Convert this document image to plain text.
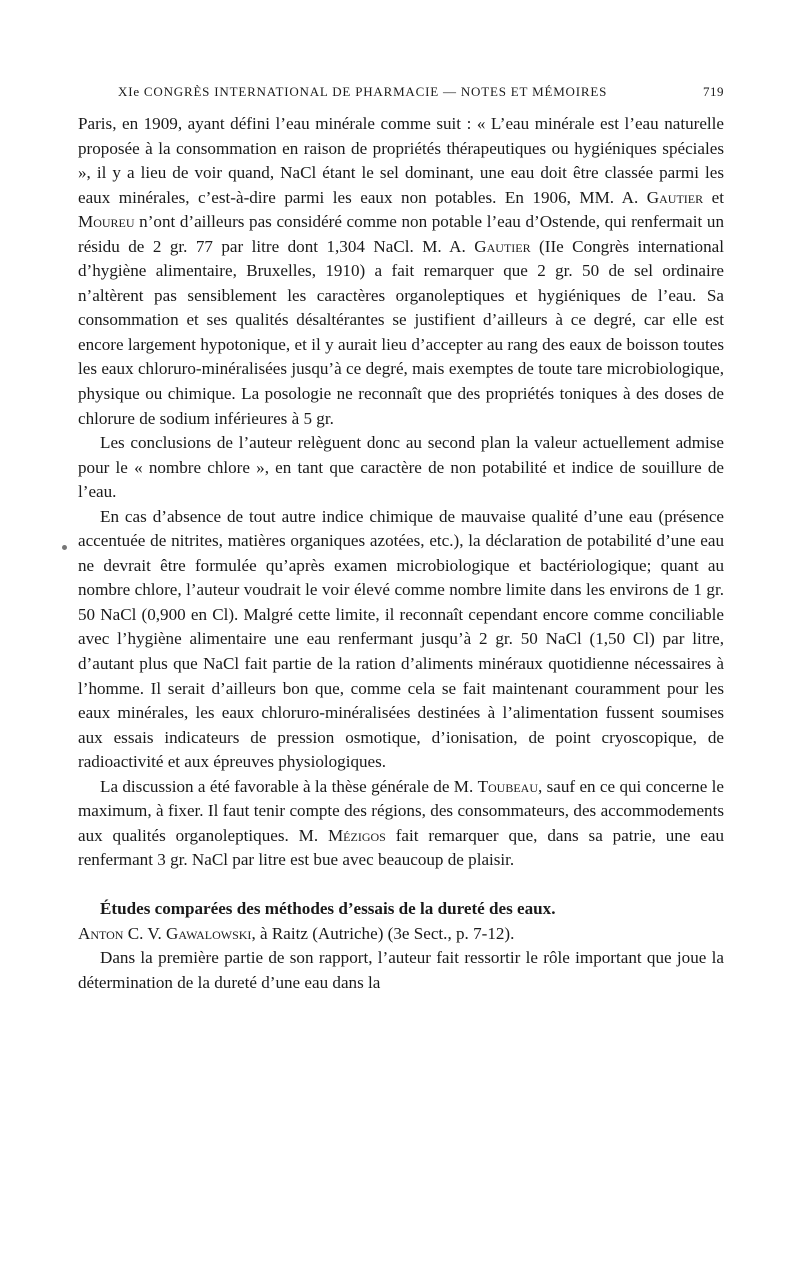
XIe CONGRÈS INTERNATIONAL DE PHARMACIE — NOTES ET MÉMOIRES	719

Paris, en 1909, ayant défini l’eau minérale comme suit : « L’eau minérale est l’eau naturelle proposée à la consommation en raison de propriétés thérapeutiques ou hygiéniques spéciales », il y a lieu de voir quand, NaCl étant le sel dominant, une eau doit être classée parmi les eaux minérales, c’est-à-dire parmi les eaux non potables. En 1906, MM. A. Gautier et Moureu n’ont d’ailleurs pas considéré comme non potable l’eau d’Ostende, qui renfermait un résidu de 2 gr. 77 par litre dont 1,304 NaCl. M. A. Gautier (IIe Congrès international d’hygiène alimentaire, Bruxelles, 1910) a fait remarquer que 2 gr. 50 de sel ordinaire n’altèrent pas sensiblement les caractères organoleptiques et hygiéniques de l’eau. Sa consommation et ses qualités désaltérantes se justifient d’ailleurs à ce degré, car elle est encore largement hypotonique, et il y aurait lieu d’accepter au rang des eaux de boisson toutes les eaux chloruro-minéralisées jusqu’à ce degré, mais exemptes de toute tare microbiologique, physique ou chimique. La posologie ne reconnaît que des propriétés toniques à des doses de chlorure de sodium inférieures à 5 gr.

Les conclusions de l’auteur relèguent donc au second plan la valeur actuellement admise pour le « nombre chlore », en tant que caractère de non potabilité et indice de souillure de l’eau.

En cas d’absence de tout autre indice chimique de mauvaise qualité d’une eau (présence accentuée de nitrites, matières organiques azotées, etc.), la déclaration de potabilité d’une eau ne devrait être formulée qu’après examen microbiologique et bactériologique; quant au nombre chlore, l’auteur voudrait le voir élevé comme nombre limite dans les environs de 1 gr. 50 NaCl (0,900 en Cl). Malgré cette limite, il reconnaît cependant encore comme conciliable avec l’hygiène alimentaire une eau renfermant jusqu’à 2 gr. 50 NaCl (1,50 Cl) par litre, d’autant plus que NaCl fait partie de la ration d’aliments minéraux quotidienne nécessaires à l’homme. Il serait d’ailleurs bon que, comme cela se fait maintenant couramment pour les eaux minérales, les eaux chloruro-minéralisées destinées à l’alimentation fussent soumises aux essais indicateurs de pression osmotique, d’ionisation, de point cryoscopique, de radioactivité et aux épreuves physiologiques.

La discussion a été favorable à la thèse générale de M. Toubeau, sauf en ce qui concerne le maximum, à fixer. Il faut tenir compte des régions, des consommateurs, des accommodements aux qualités organoleptiques. M. Mézigos fait remarquer que, dans sa patrie, une eau renfermant 3 gr. NaCl par litre est bue avec beaucoup de plaisir.

Études comparées des méthodes d’essais de la dureté des eaux.

Anton C. V. Gawalowski, à Raitz (Autriche) (3e Sect., p. 7-12).

Dans la première partie de son rapport, l’auteur fait ressortir le rôle important que joue la détermination de la dureté d’une eau dans la
